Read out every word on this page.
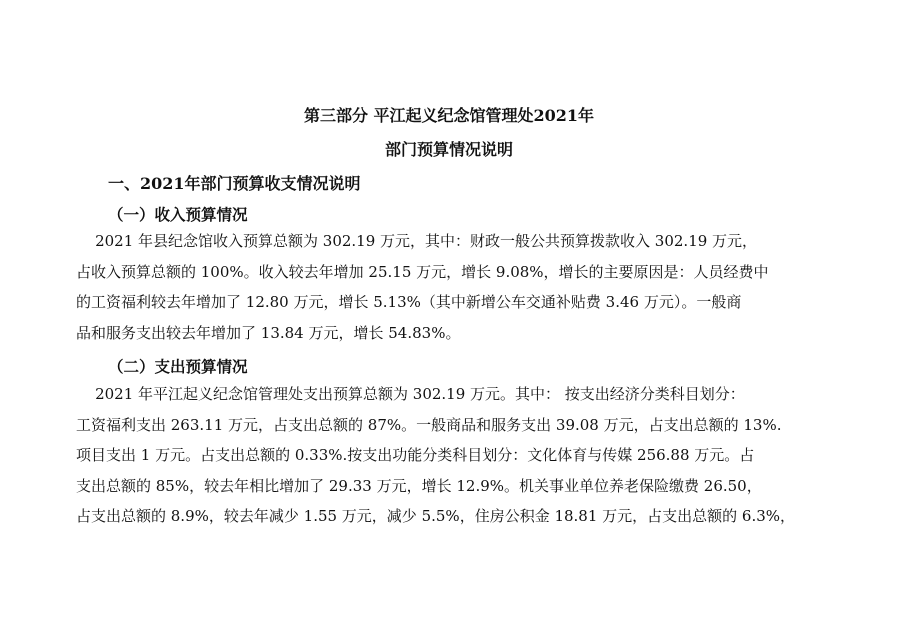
第三部分 平江起义纪念馆管理处2021年
部门预算情况说明
一、2021年部门预算收支情况说明
（一）收入预算情况
2021 年县纪念馆收入预算总额为 302.19 万元，其中：财政一般公共预算拨款收入 302.19 万元，
占收入预算总额的 100%。收入较去年增加 25.15 万元，增长 9.08%，增长的主要原因是：人员经费中
的工资福利较去年增加了 12.80 万元，增长 5.13%（其中新增公车交通补贴费 3.46 万元）。一般商
品和服务支出较去年增加了 13.84 万元，增长 54.83%。
（二）支出预算情况
2021 年平江起义纪念馆管理处支出预算总额为 302.19 万元。其中： 按支出经济分类科目划分：
工资福利支出 263.11 万元，占支出总额的 87%。一般商品和服务支出 39.08 万元，占支出总额的 13%.
项目支出 1 万元。占支出总额的 0.33%.按支出功能分类科目划分：文化体育与传媒 256.88 万元。占
支出总额的 85%，较去年相比增加了 29.33 万元，增长 12.9%。机关事业单位养老保险缴费 26.50，
占支出总额的 8.9%，较去年减少 1.55 万元，减少 5.5%，住房公积金 18.81 万元，占支出总额的 6.3%，
